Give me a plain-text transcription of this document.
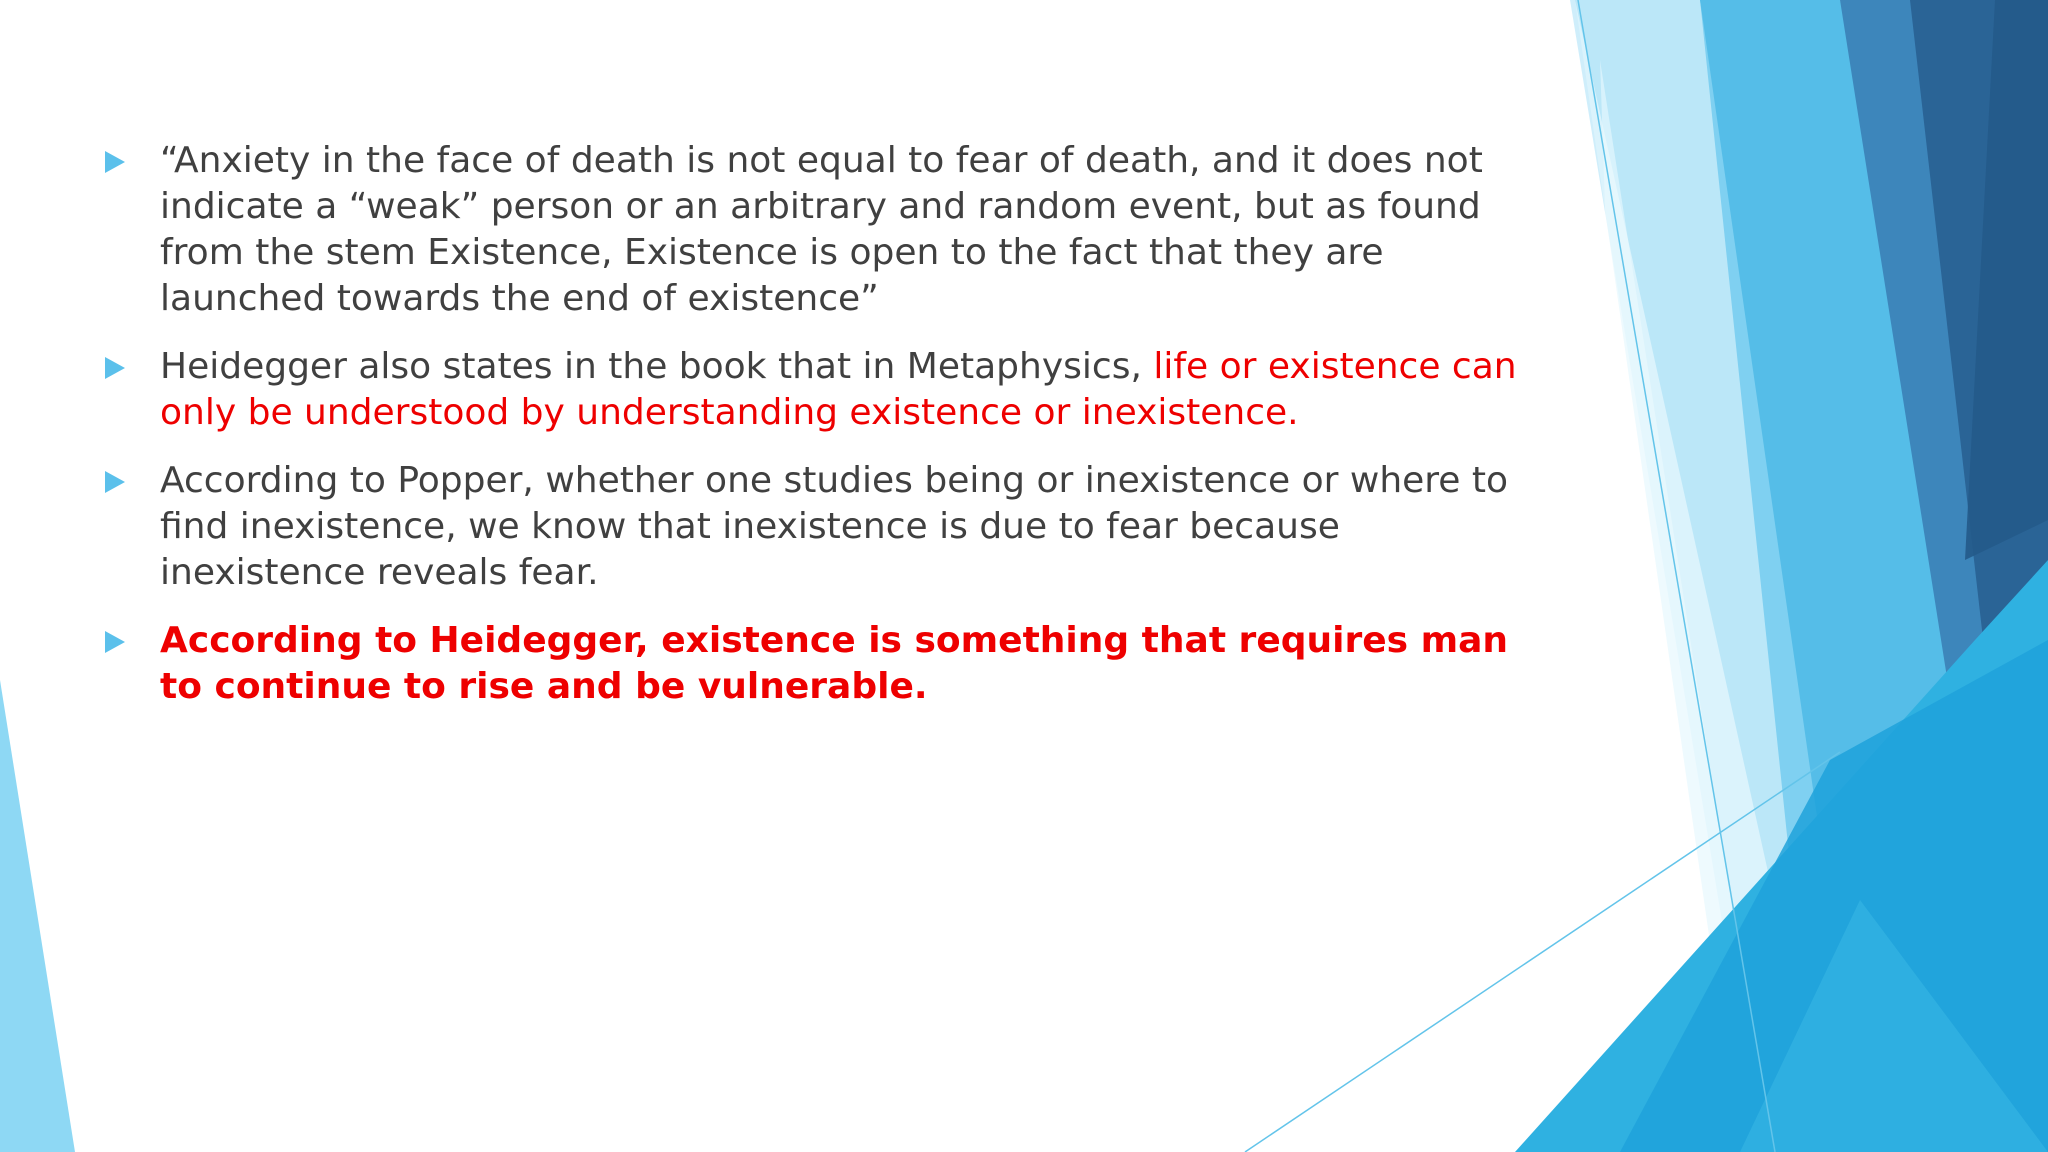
“Anxiety in the face of death is not equal to fear of death, and it does not indicate a “weak” person or an arbitrary and random event, but as found from the stem Existence, Existence is open to the fact that they are launched towards the end of existence”
Heidegger also states in the book that in Metaphysics, life or existence can only be understood by understanding existence or inexistence.
According to Popper, whether one studies being or inexistence or where to find inexistence, we know that inexistence is due to fear because inexistence reveals fear.
According to Heidegger, existence is something that requires man to continue to rise and be vulnerable.
